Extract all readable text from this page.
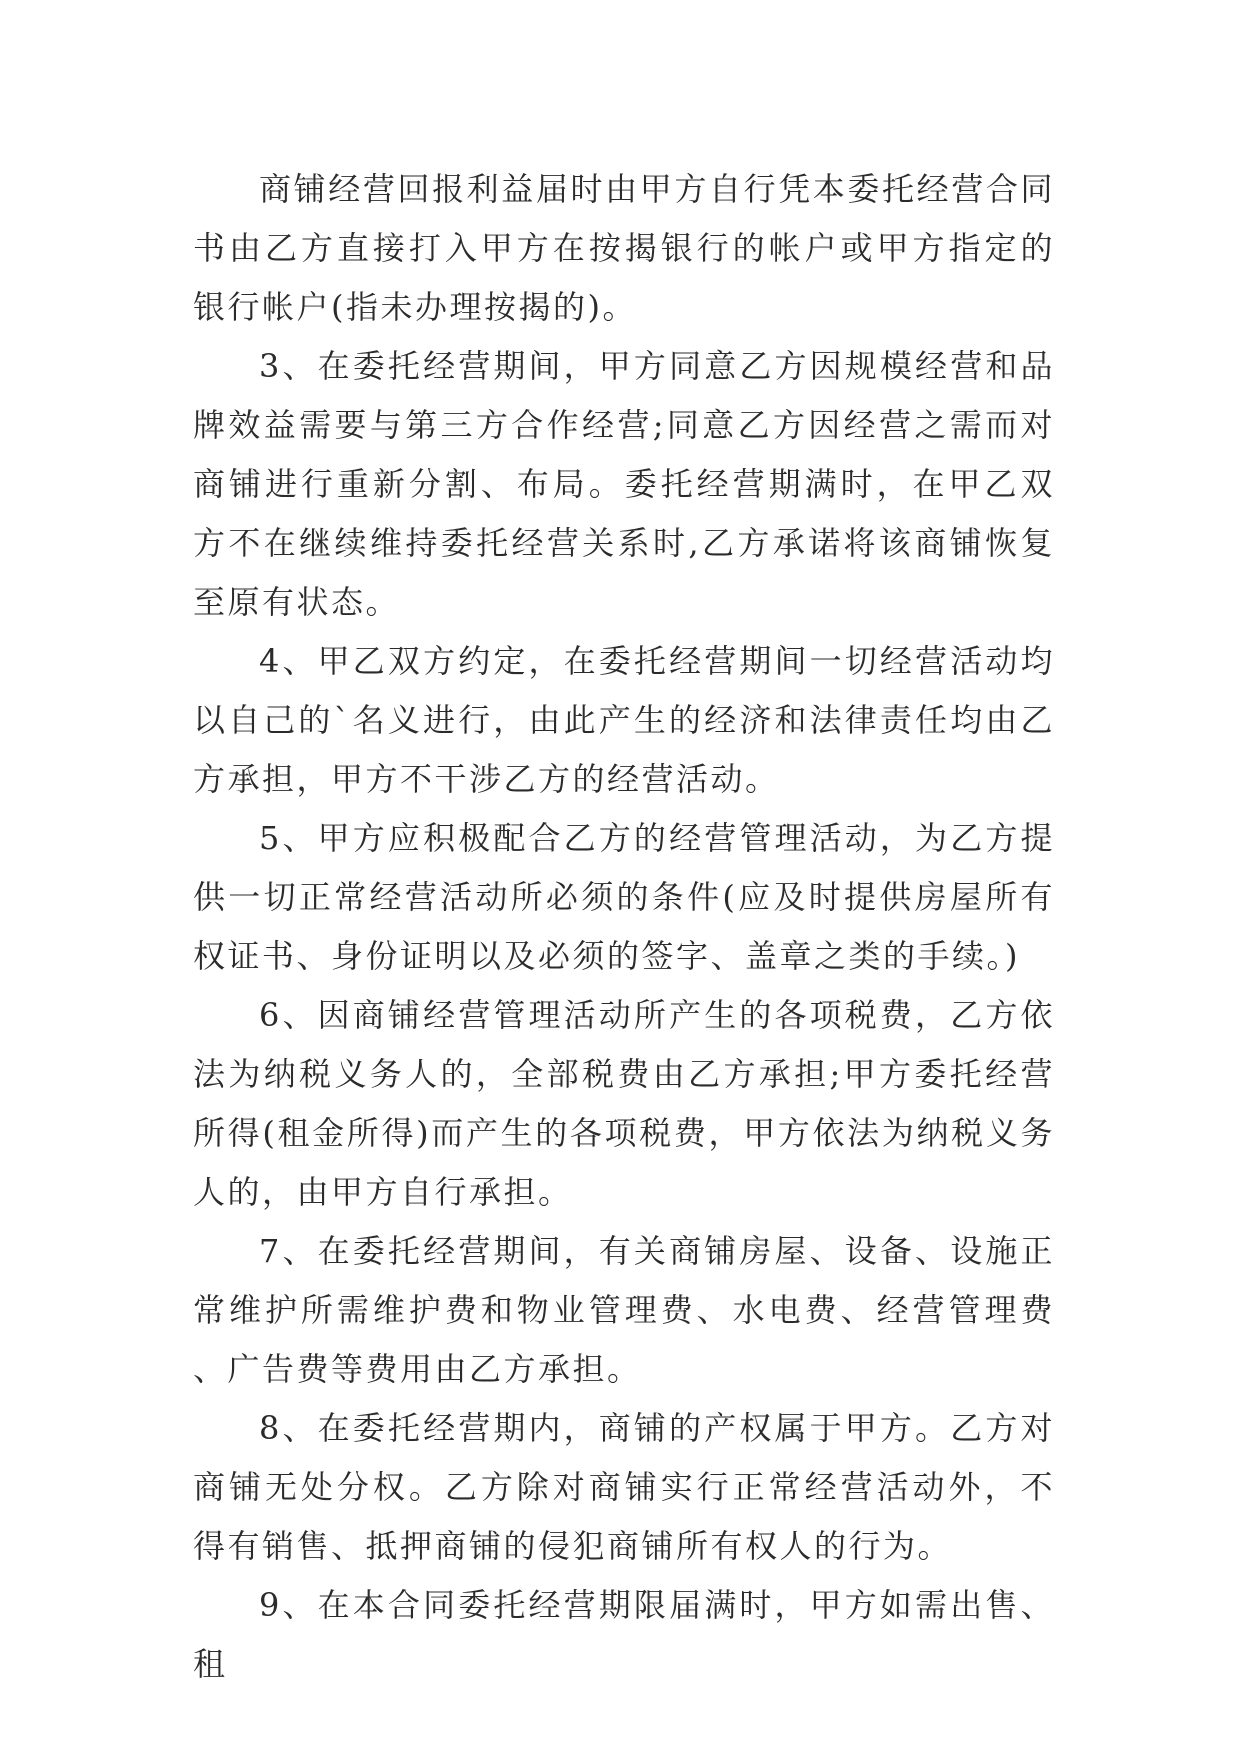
商铺经营回报利益届时由甲方自行凭本委托经营合同书由乙方直接打入甲方在按揭银行的帐户或甲方指定的银行帐户(指未办理按揭的)。

3、在委托经营期间，甲方同意乙方因规模经营和品牌效益需要与第三方合作经营;同意乙方因经营之需而对商铺进行重新分割、布局。委托经营期满时，在甲乙双方不在继续维持委托经营关系时,乙方承诺将该商铺恢复至原有状态。

4、甲乙双方约定，在委托经营期间一切经营活动均以自己的`名义进行，由此产生的经济和法律责任均由乙方承担，甲方不干涉乙方的经营活动。

5、甲方应积极配合乙方的经营管理活动，为乙方提供一切正常经营活动所必须的条件(应及时提供房屋所有权证书、身份证明以及必须的签字、盖章之类的手续。)

6、因商铺经营管理活动所产生的各项税费，乙方依法为纳税义务人的，全部税费由乙方承担;甲方委托经营所得(租金所得)而产生的各项税费，甲方依法为纳税义务人的，由甲方自行承担。

7、在委托经营期间，有关商铺房屋、设备、设施正常维护所需维护费和物业管理费、水电费、经营管理费、广告费等费用由乙方承担。

8、在委托经营期内，商铺的产权属于甲方。乙方对商铺无处分权。乙方除对商铺实行正常经营活动外，不得有销售、抵押商铺的侵犯商铺所有权人的行为。

9、在本合同委托经营期限届满时，甲方如需出售、租
